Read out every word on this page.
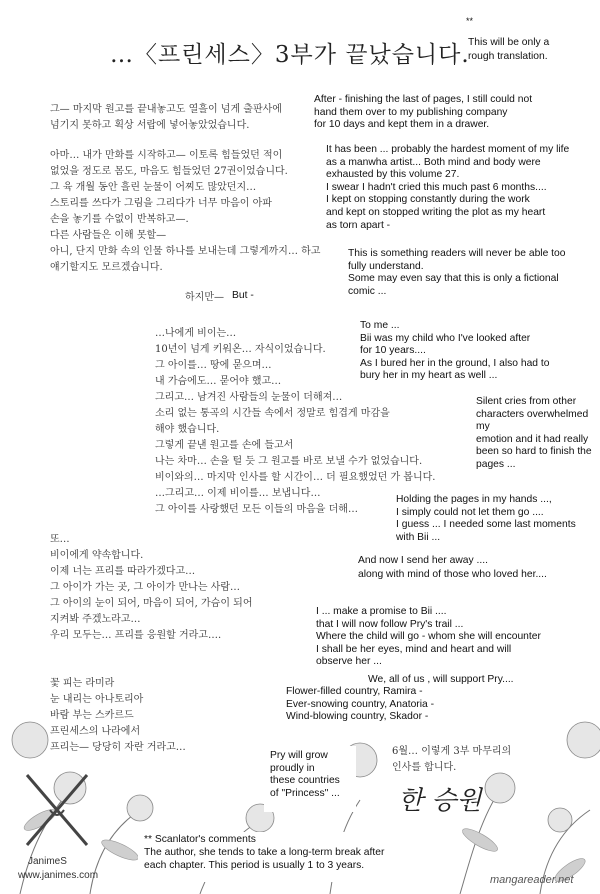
…〈프린세스〉3부가 끝났습니다.
**
This will be only a
rough translation.
그— 마지막 원고를 끝내놓고도 열흘이 넘게 출판사에
넘기지 못하고 획상 서랍에 넣어놓았었습니다.
아마… 내가 만화를 시작하고— 이토록 힘들었던 적이
없었을 정도로 몸도, 마음도 힘들었던 27권이었습니다.
그 육 개월 동안 흘린 눈물이 어찌도 많았던지…
스토리를 쓰다가 그림을 그리다가 너무 마음이 아파
손을 놓기를 수없이 반복하고—.
다른 사람들은 이해 못할—
아니, 단지 만화 속의 인물 하나를 보내는데 그렇게까지… 하고
얘기할지도 모르겠습니다.
하지만—
…나에게 비이는…
10년이 넘게 키워온… 자식이었습니다.
그 아이를… 땅에 묻으며…
내 가슴에도… 묻어야 했고…
그리고… 남겨진 사람들의 눈물이 더해져…
소리 없는 통곡의 시간들 속에서 정말로 힘겹게 마감을
해야 했습니다.
그렇게 끝낸 원고를 손에 들고서
나는 차마… 손을 털 듯 그 원고를 바로 보낼 수가 없었습니다.
비이와의… 마지막 인사를 할 시간이… 더 필요했었던 가 봅니다.
…그리고… 이제 비이를… 보냅니다…
그 아이를 사랑했던 모든 이들의 마음을 더해…
또…
비이에게 약속합니다.
이제 너는 프리를 따라가겠다고…
그 아이가 가는 곳, 그 아이가 만나는 사람…
그 아이의 눈이 되어, 마음이 되어, 가슴이 되어
지켜봐 주겠노라고…
우리 모두는… 프리를 응원할 거라고….
꽃 피는 라미라
눈 내리는 아나토리아
바람 부는 스카르드
프린세스의 나라에서
프리는— 당당히 자란 거라고…	6월… 이렇게 3부 마무리의
인사를 합니다.
한 승원
After - finishing the last of pages, I still could not
hand them over to my publishing company
for 10 days and kept them in a drawer.
It has been ... probably the hardest moment of my life
as a manwha artist... Both mind and body were
exhausted by this volume 27.
I swear I hadn't cried this much past 6 months....
I kept on stopping constantly during the work
and kept on stopped writing the plot as my heart
as torn apart -
This is something readers will never be able too
fully understand.
Some may even say that this is only a fictional
comic ...
But -
To me ...
Bii was my child who I've looked after
for 10 years....
As I bured her in the ground, I also had to
bury her in my heart as well ...
Silent cries from other
characters overwhelmed my
emotion and it had really
been so hard to finish the
pages ...
Holding the pages in my hands ...,
I simply could not let them go ....
I guess ... I needed some last moments
with Bii ...
And now I send her away ....
along with mind of those who loved her....
I ... make a promise to Bii ....
that I will now follow Pry's trail ...
Where the child will go - whom she will encounter
I shall be her eyes, mind and heart and will
observe her ...
We, all of us , will support Pry....
Flower-filled country, Ramira -
Ever-snowing country, Anatoria -
Wind-blowing country, Skador -
Pry will grow
proudly in
these countries
of "Princess" ...
** Scanlator's comments
The author, she tends to take a long-term break after
each chapter. This period is usually 1 to 3 years.
JanimeS
www.janimes.com	mangareader.net
